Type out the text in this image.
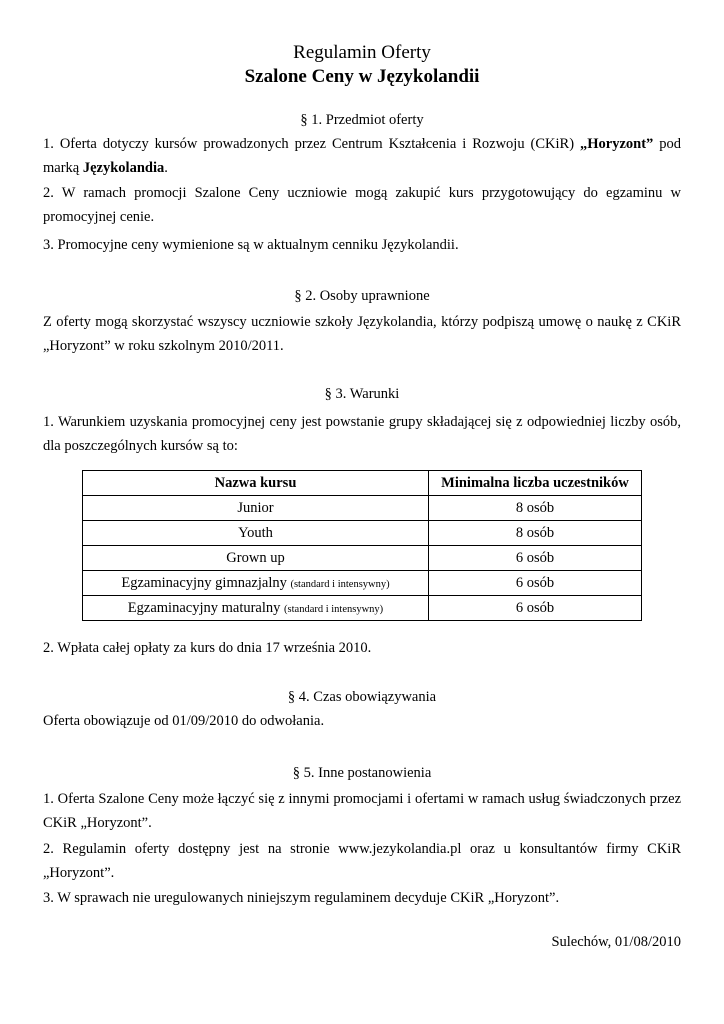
Regulamin Oferty
Szalone Ceny w Językolandii
§ 1. Przedmiot oferty
1. Oferta dotyczy kursów prowadzonych przez Centrum Kształcenia i Rozwoju (CKiR) „Horyzont” pod
marką Językolandia.
2. W ramach promocji Szalone Ceny uczniowie mogą zakupić kurs przygotowujący do egzaminu w promocyjnej cenie.
3. Promocyjne ceny wymienione są w aktualnym cenniku Językolandii.
§ 2. Osoby uprawnione
Z oferty mogą skorzystać wszyscy uczniowie szkoły Językolandia, którzy podpiszą umowę o naukę z CKiR „Horyzont” w roku szkolnym 2010/2011.
§ 3. Warunki
1. Warunkiem uzyskania promocyjnej ceny jest powstanie grupy składającej się z odpowiedniej liczby osób, dla poszczególnych kursów są to:
Nazwa kursu	Minimalna liczba uczestników
Junior	8 osób
Youth	8 osób
Grown up	6 osób
Egzaminacyjny gimnazjalny (standard i intensywny)	6 osób
Egzaminacyjny maturalny (standard i intensywny)	6 osób
2. Wpłata całej opłaty za kurs do dnia 17 września 2010.
§ 4. Czas obowiązywania
Oferta obowiązuje od 01/09/2010 do odwołania.
§ 5. Inne postanowienia
1. Oferta Szalone Ceny może łączyć się z innymi promocjami i ofertami w ramach usług świadczonych przez CKiR „Horyzont”.
2. Regulamin oferty dostępny jest na stronie www.jezykolandia.pl oraz u konsultantów firmy CKiR „Horyzont”.
3. W sprawach nie uregulowanych niniejszym regulaminem decyduje CKiR „Horyzont”.
Sulechów, 01/08/2010
